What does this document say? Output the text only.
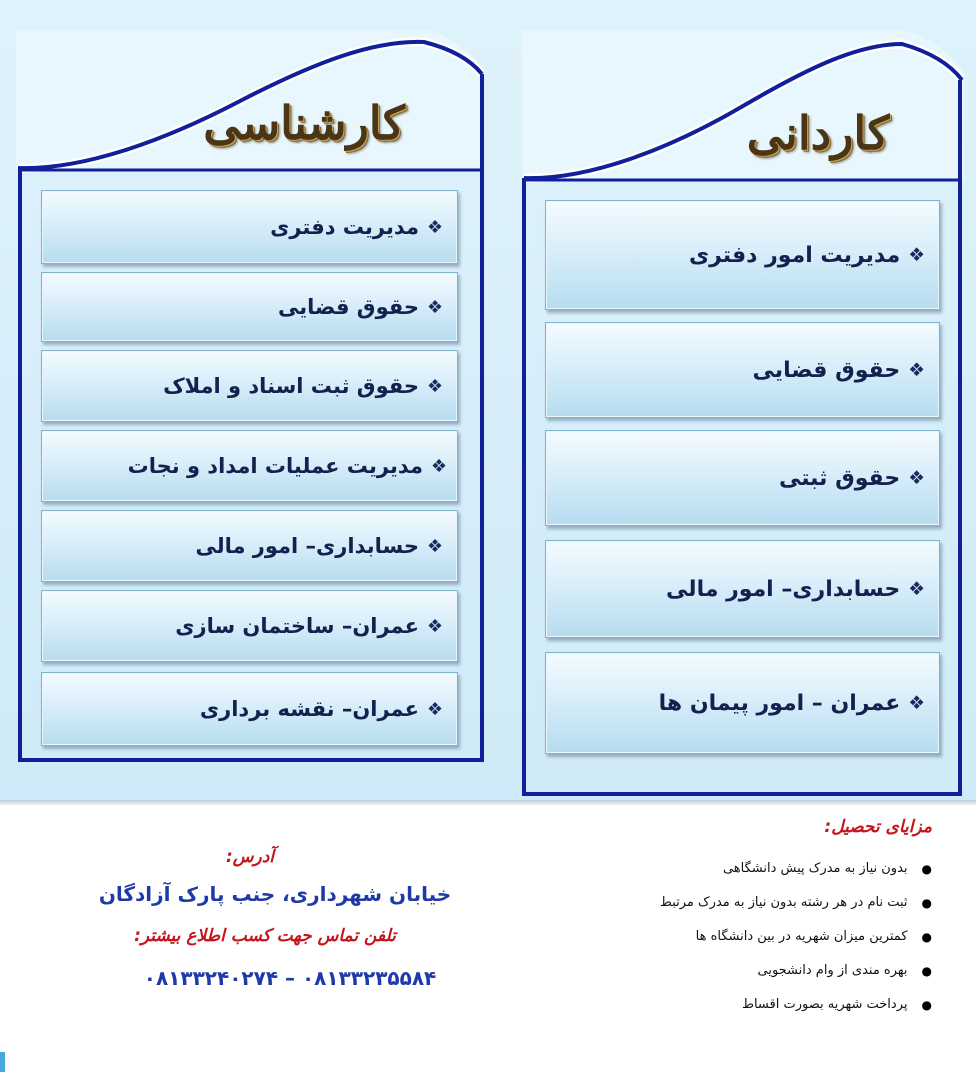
کارشناسی	کاردانی
❖
مدیریت دفتری
❖
حقوق قضایی
❖
حقوق ثبت اسناد و املاک
❖
مدیریت عملیات امداد و نجات
❖
حسابداری– امور مالی
❖
عمران– ساختمان سازی
❖
عمران– نقشه برداری
❖
مدیریت امور دفتری
❖
حقوق قضایی
❖
حقوق ثبتی
❖
حسابداری– امور مالی
❖
عمران – امور پیمان ها
مزایای تحصیل:
●
بدون نیاز به مدرک پیش دانشگاهی
●
ثبت نام در هر رشته بدون نیاز به مدرک مرتبط
●
کمترین میزان شهریه در بین دانشگاه ها
●
بهره مندی از وام دانشجویی
●
پرداخت شهریه بصورت اقساط
آدرس:
خیابان شهرداری، جنب پارک آزادگان
تلفن تماس جهت کسب اطلاع بیشتر:
۰۸۱۳۳۲۴۰۲۷۴ – ۰۸۱۳۳۲۳۵۵۸۴
